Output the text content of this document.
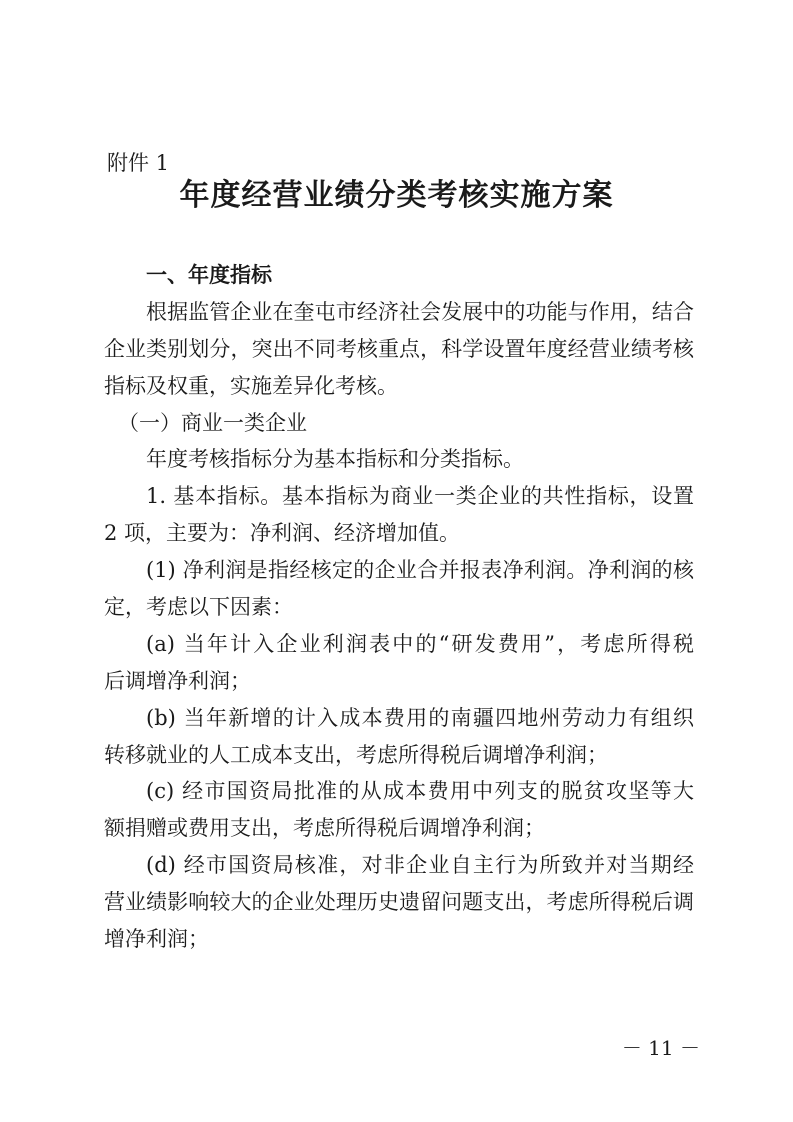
附件 1
年度经营业绩分类考核实施方案
一、年度指标
根据监管企业在奎屯市经济社会发展中的功能与作用，结合
企业类别划分，突出不同考核重点，科学设置年度经营业绩考核
指标及权重，实施差异化考核。
（一）商业一类企业
年度考核指标分为基本指标和分类指标。
1. 基本指标。基本指标为商业一类企业的共性指标，设置
2 项，主要为：净利润、经济增加值。
(1) 净利润是指经核定的企业合并报表净利润。净利润的核
定，考虑以下因素：
(a) 当年计入企业利润表中的“研发费用”，考虑所得税
后调增净利润；
(b) 当年新增的计入成本费用的南疆四地州劳动力有组织
转移就业的人工成本支出，考虑所得税后调增净利润；
(c) 经市国资局批准的从成本费用中列支的脱贫攻坚等大
额捐赠或费用支出，考虑所得税后调增净利润；
(d) 经市国资局核准，对非企业自主行为所致并对当期经
营业绩影响较大的企业处理历史遗留问题支出，考虑所得税后调
增净利润；
－ 11 －
